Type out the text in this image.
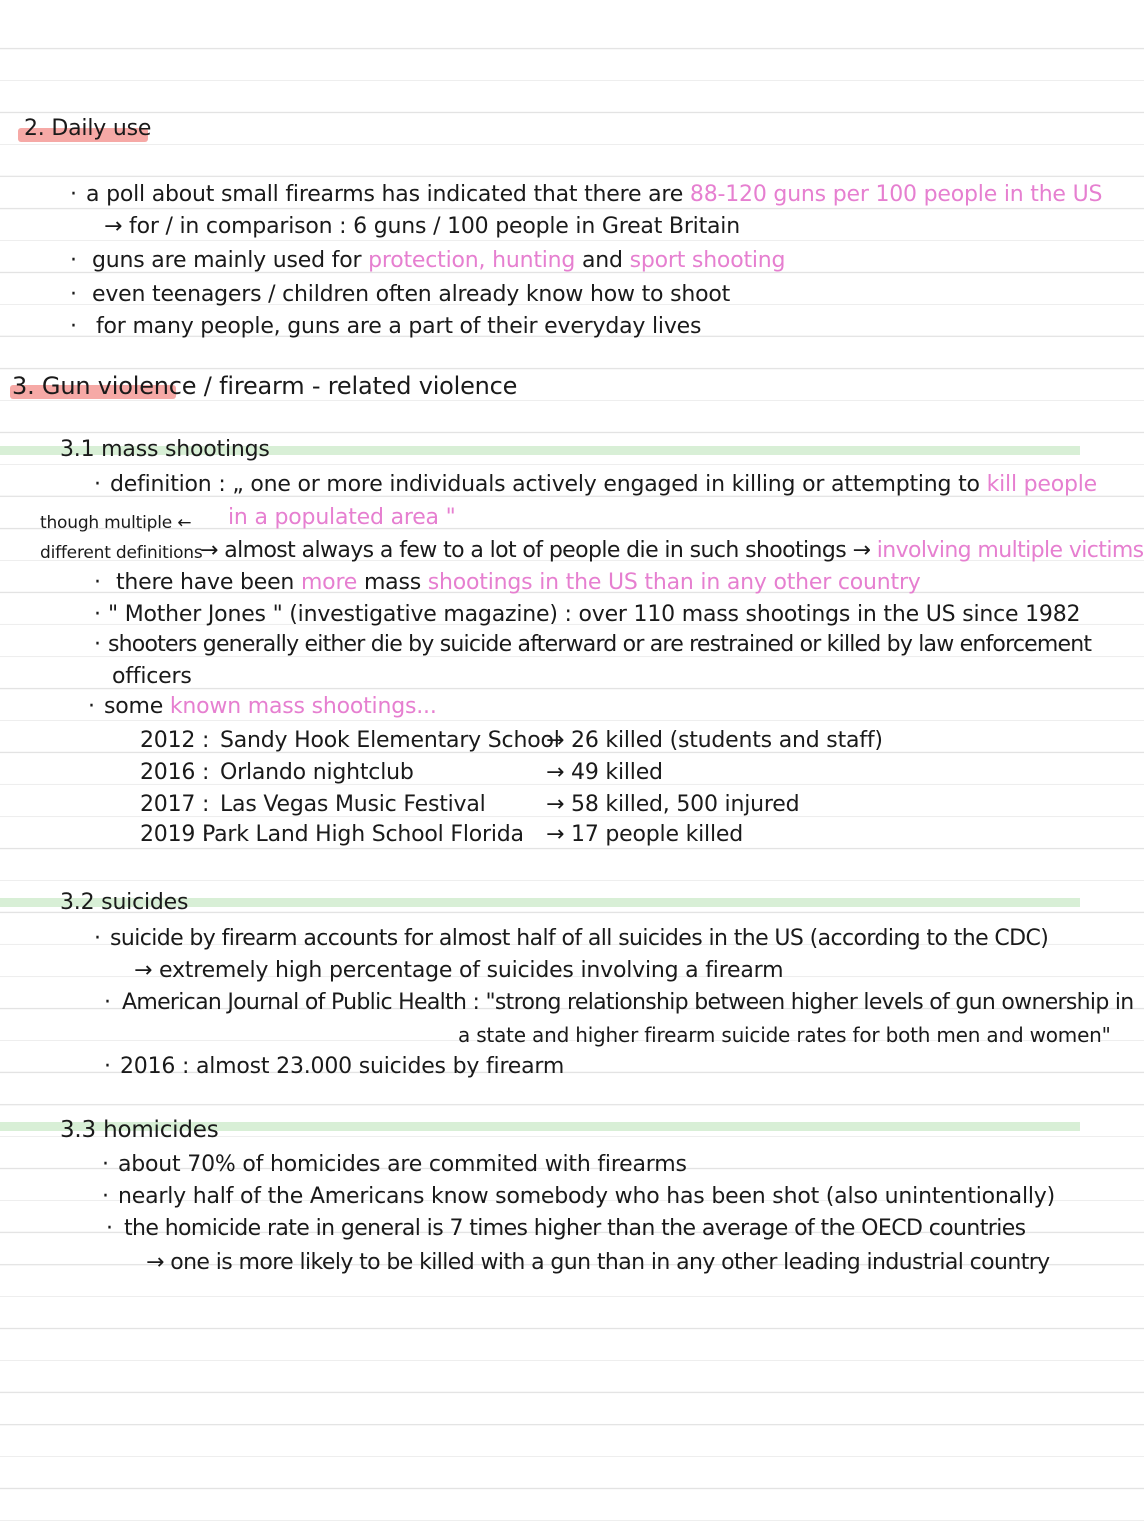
2. Daily use
· a poll about small firearms has indicated that there are 88-120 guns per 100 people in the US
→ for / in comparison : 6 guns / 100 people in Great Britain
· guns are mainly used for protection, hunting and sport shooting
· even teenagers / children often already know how to shoot
· for many people, guns are a part of their everyday lives
3. Gun violence / firearm - related violence
3.1 mass shootings
· definition : „ one or more individuals actively engaged in killing or attempting to kill people
though multiple ← in a populated area "
different definitions
→ almost always a few to a lot of people die in such shootings → involving multiple victims
· there have been more mass shootings in the US than in any other country
· " Mother Jones " (investigative magazine) : over 110 mass shootings in the US since 1982
· shooters generally either die by suicide afterward or are restrained or killed by law enforcement
officers
· some known mass shootings...
2012 : Sandy Hook Elementary School
→ 26 killed (students and staff)
2016 : Orlando nightclub	→ 49 killed
2017 : Las Vegas Music Festival	→ 58 killed, 500 injured
2019 :
Park Land High School Florida → 17 people killed
3.2 suicides
· suicide by firearm accounts for almost half of all suicides in the US (according to the CDC)
→ extremely high percentage of suicides involving a firearm
· American Journal of Public Health : "strong relationship between higher levels of gun ownership in
a state and higher firearm suicide rates for both men and women"
· 2016 : almost 23.000 suicides by firearm
3.3 homicides
· about 70% of homicides are commited with firearms
· nearly half of the Americans know somebody who has been shot (also unintentionally)
· the homicide rate in general is 7 times higher than the average of the OECD countries
→ one is more likely to be killed with a gun than in any other leading industrial country
